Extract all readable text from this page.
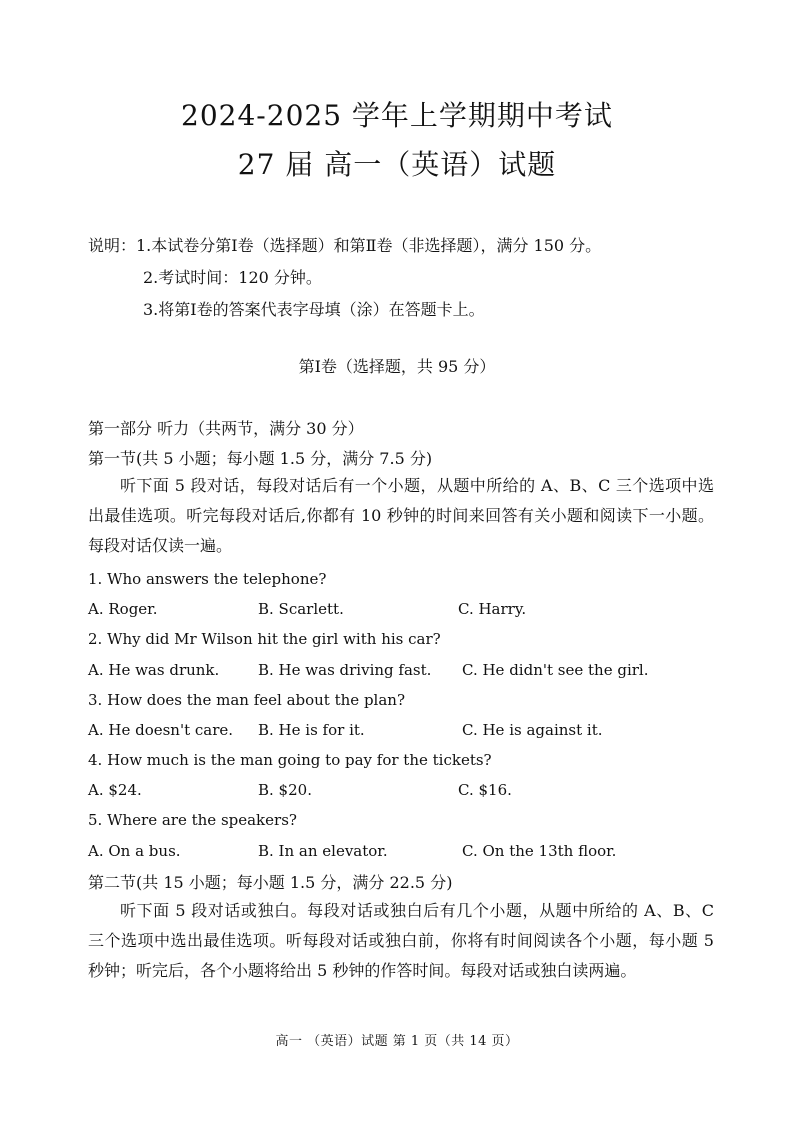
2024-2025 学年上学期期中考试
27 届 高一（英语）试题
说明：1.本试卷分第Ⅰ卷（选择题）和第Ⅱ卷（非选择题），满分 150 分。
2.考试时间：120 分钟。
3.将第Ⅰ卷的答案代表字母填（涂）在答题卡上。
第Ⅰ卷（选择题，共 95 分）
第一部分 听力（共两节，满分 30 分）
第一节(共 5 小题；每小题 1.5 分，满分 7.5 分)
听下面 5 段对话，每段对话后有一个小题，从题中所给的 A、B、C 三个选项中选出最佳选项。听完每段对话后,你都有 10 秒钟的时间来回答有关小题和阅读下一小题。每段对话仅读一遍。
1. Who answers the telephone?
A. Roger.	B. Scarlett.	C. Harry.
2. Why did Mr Wilson hit the girl with his car?
A. He was drunk.	B. He was driving fast. C. He didn't see the girl.
3. How does the man feel about the plan?
A. He doesn't care. B. He is for it.	C. He is against it.
4. How much is the man going to pay for the tickets?
A. $24.	B. $20.	C. $16.
5. Where are the speakers?
A. On a bus.	B. In an elevator.	C. On the 13th floor.
第二节(共 15 小题；每小题 1.5 分，满分 22.5 分)
听下面 5 段对话或独白。每段对话或独白后有几个小题，从题中所给的 A、B、C 三个选项中选出最佳选项。听每段对话或独白前，你将有时间阅读各个小题，每小题 5 秒钟；听完后，各个小题将给出 5 秒钟的作答时间。每段对话或独白读两遍。
高一 （英语）试题 第 1 页（共 14 页）
